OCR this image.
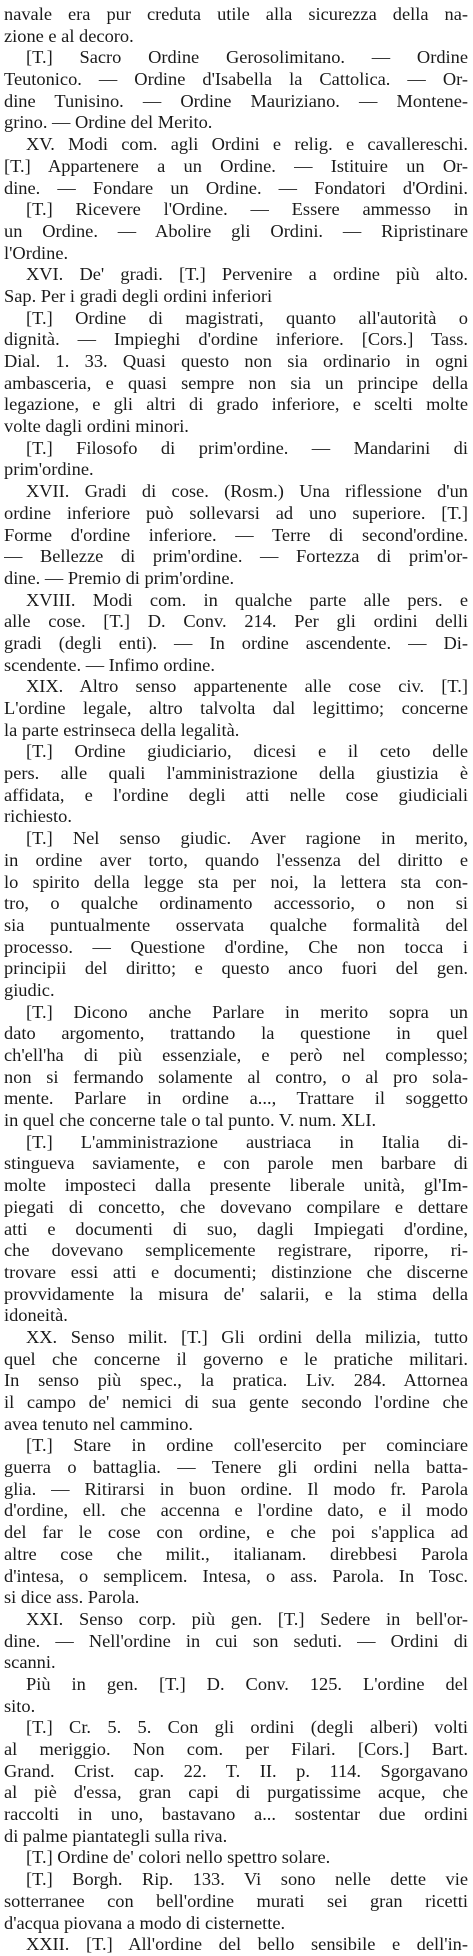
navale era pur creduta utile alla sicurezza della na-
zione e al decoro.
[T.] Sacro Ordine Gerosolimitano. — Ordine
Teutonico. — Ordine d'Isabella la Cattolica. — Or-
dine Tunisino. — Ordine Mauriziano. — Montene-
grino. — Ordine del Merito.
XV. Modi com. agli Ordini e relig. e cavallereschi.
[T.] Appartenere a un Ordine. — Istituire un Or-
dine. — Fondare un Ordine. — Fondatori d'Ordini.
[T.] Ricevere l'Ordine. — Essere ammesso in
un Ordine. — Abolire gli Ordini. — Ripristinare
l'Ordine.
XVI. De' gradi. [T.] Pervenire a ordine più alto.
Sap. Per i gradi degli ordini inferiori
[T.] Ordine di magistrati, quanto all'autorità o
dignità. — Impieghi d'ordine inferiore. [Cors.] Tass.
Dial. 1. 33. Quasi questo non sia ordinario in ogni
ambasceria, e quasi sempre non sia un principe della
legazione, e gli altri di grado inferiore, e scelti molte
volte dagli ordini minori.
[T.] Filosofo di prim'ordine. — Mandarini di
prim'ordine.
XVII. Gradi di cose. (Rosm.) Una riflessione d'un
ordine inferiore può sollevarsi ad uno superiore. [T.]
Forme d'ordine inferiore. — Terre di second'ordine.
— Bellezze di prim'ordine. — Fortezza di prim'or-
dine. — Premio di prim'ordine.
XVIII. Modi com. in qualche parte alle pers. e
alle cose. [T.] D. Conv. 214. Per gli ordini delli
gradi (degli enti). — In ordine ascendente. — Di-
scendente. — Infimo ordine.
XIX. Altro senso appartenente alle cose civ. [T.]
L'ordine legale, altro talvolta dal legittimo; concerne
la parte estrinseca della legalità.
[T.] Ordine giudiciario, dicesi e il ceto delle
pers. alle quali l'amministrazione della giustizia è
affidata, e l'ordine degli atti nelle cose giudiciali
richiesto.
[T.] Nel senso giudic. Aver ragione in merito,
in ordine aver torto, quando l'essenza del diritto e
lo spirito della legge sta per noi, la lettera sta con-
tro, o qualche ordinamento accessorio, o non si
sia puntualmente osservata qualche formalità del
processo. — Questione d'ordine, Che non tocca i
principii del diritto; e questo anco fuori del gen.
giudic.
[T.] Dicono anche Parlare in merito sopra un
dato argomento, trattando la questione in quel
ch'ell'ha di più essenziale, e però nel complesso;
non si fermando solamente al contro, o al pro sola-
mente. Parlare in ordine a..., Trattare il soggetto
in quel che concerne tale o tal punto. V. num. XLI.
[T.] L'amministrazione austriaca in Italia di-
stingueva saviamente, e con parole men barbare di
molte imposteci dalla presente liberale unità, gl'Im-
piegati di concetto, che dovevano compilare e dettare
atti e documenti di suo, dagli Impiegati d'ordine,
che dovevano semplicemente registrare, riporre, ri-
trovare essi atti e documenti; distinzione che discerne
provvidamente la misura de' salarii, e la stima della
idoneità.
XX. Senso milit. [T.] Gli ordini della milizia, tutto
quel che concerne il governo e le pratiche militari.
In senso più spec., la pratica. Liv. 284. Attornea
il campo de' nemici di sua gente secondo l'ordine che
avea tenuto nel cammino.
[T.] Stare in ordine coll'esercito per cominciare
guerra o battaglia. — Tenere gli ordini nella batta-
glia. — Ritirarsi in buon ordine. Il modo fr. Parola
d'ordine, ell. che accenna e l'ordine dato, e il modo
del far le cose con ordine, e che poi s'applica ad
altre cose che milit., italianam. direbbesi Parola
d'intesa, o semplicem. Intesa, o ass. Parola. In Tosc.
si dice ass. Parola.
XXI. Senso corp. più gen. [T.] Sedere in bell'or-
dine. — Nell'ordine in cui son seduti. — Ordini di
scanni.
Più in gen. [T.] D. Conv. 125. L'ordine del
sito.
[T.] Cr. 5. 5. Con gli ordini (degli alberi) volti
al meriggio. Non com. per Filari. [Cors.] Bart.
Grand. Crist. cap. 22. T. II. p. 114. Sgorgavano
al piè d'essa, gran capi di purgatissime acque, che
raccolti in uno, bastavano a... sostentar due ordini
di palme piantategli sulla riva.
[T.] Ordine de' colori nello spettro solare.
[T.] Borgh. Rip. 133. Vi sono nelle dette vie
sotterranee con bell'ordine murati sei gran ricetti
d'acqua piovana a modo di cisternette.
XXII. [T.] All'ordine del bello sensibile e dell'in-
